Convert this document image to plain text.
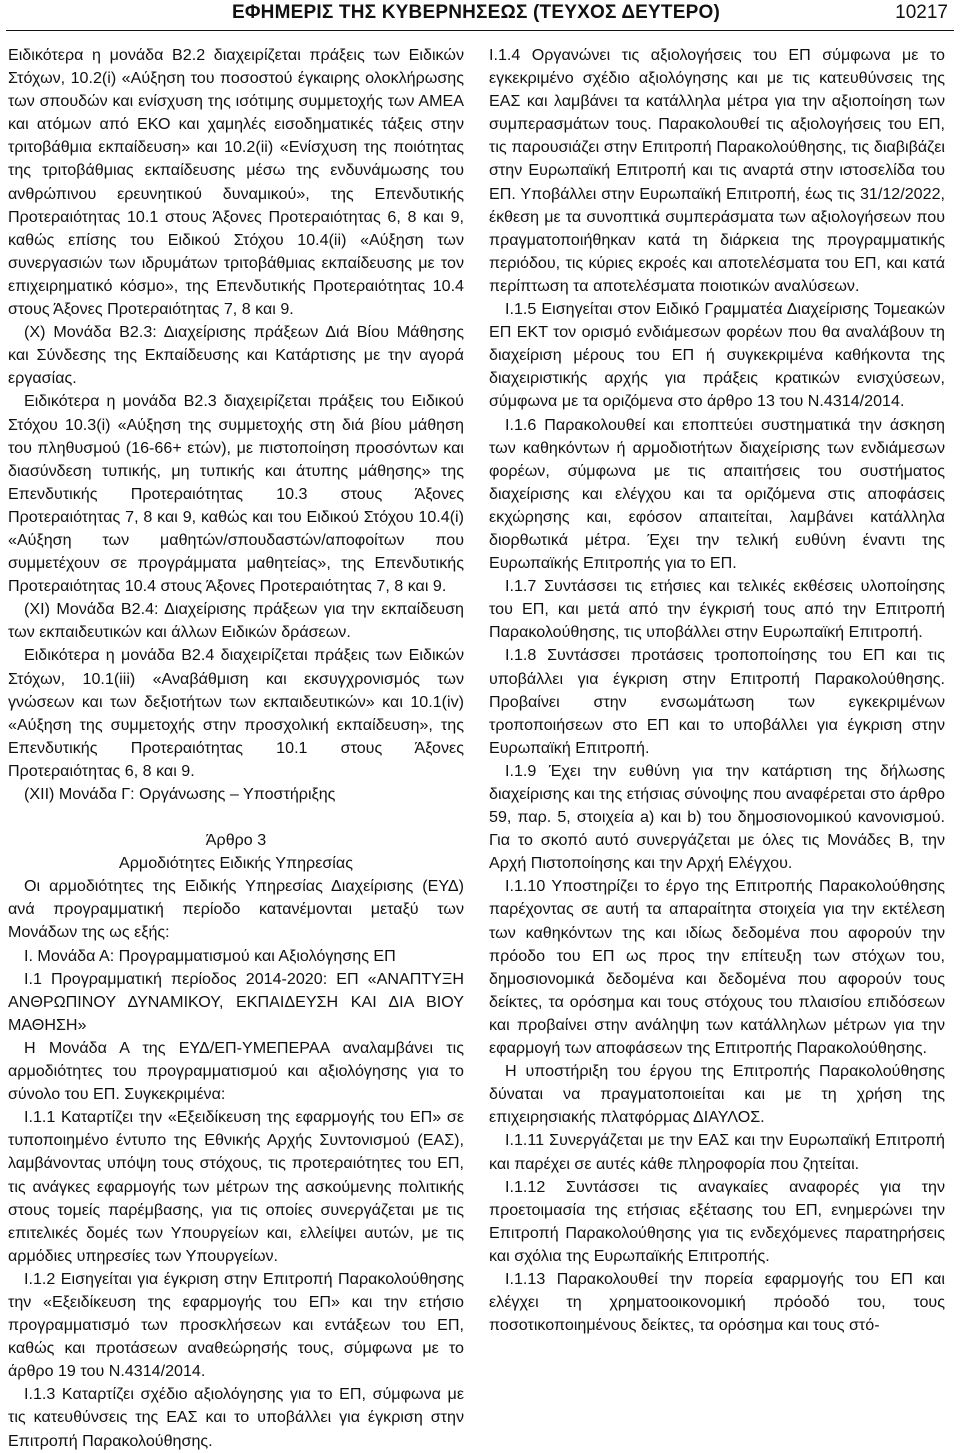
ΕΦΗΜΕΡΙΣ ΤΗΣ ΚΥΒΕΡΝΗΣΕΩΣ (ΤΕΥΧΟΣ ΔΕΥΤΕΡΟ)	10217

Ειδικότερα η μονάδα Β2.2 διαχειρίζεται πράξεις των Ειδικών Στόχων, 10.2(i) «Αύξηση του ποσοστού έγκαιρης ολοκλήρωσης των σπουδών και ενίσχυση της ισότιμης συμμετοχής των ΑΜΕΑ και ατόμων από ΕΚΟ και χαμηλές εισοδηματικές τάξεις στην τριτοβάθμια εκπαίδευση» και 10.2(ii) «Ενίσχυση της ποιότητας της τριτοβάθμιας εκπαίδευσης μέσω της ενδυνάμωσης του ανθρώπινου ερευνητικού δυναμικού», της Επενδυτικής Προτεραιότητας 10.1 στους Άξονες Προτεραιότητας 6, 8 και 9, καθώς επίσης του Ειδικού Στόχου 10.4(ii) «Αύξηση των συνεργασιών των ιδρυμάτων τριτοβάθμιας εκπαίδευσης με τον επιχειρηματικό κόσμο», της Επενδυτικής Προτεραιότητας 10.4 στους Άξονες Προτεραιότητας 7, 8 και 9.

(Χ) Μονάδα Β2.3: Διαχείρισης πράξεων Διά Βίου Μάθησης και Σύνδεσης της Εκπαίδευσης και Κατάρτισης με την αγορά εργασίας.

Ειδικότερα η μονάδα Β2.3 διαχειρίζεται πράξεις του Ειδικού Στόχου 10.3(i) «Αύξηση της συμμετοχής στη διά βίου μάθηση του πληθυσμού (16-66+ ετών), με πιστοποίηση προσόντων και διασύνδεση τυπικής, μη τυπικής και άτυπης μάθησης» της Επενδυτικής Προτεραιότητας 10.3 στους Άξονες Προτεραιότητας 7, 8 και 9, καθώς και του Ειδικού Στόχου 10.4(i) «Αύξηση των μαθητών/σπουδαστών/αποφοίτων που συμμετέχουν σε προγράμματα μαθητείας», της Επενδυτικής Προτεραιότητας 10.4 στους Άξονες Προτεραιότητας 7, 8 και 9.

(XI) Μονάδα Β2.4: Διαχείρισης πράξεων για την εκπαίδευση των εκπαιδευτικών και άλλων Ειδικών δράσεων.

Ειδικότερα η μονάδα Β2.4 διαχειρίζεται πράξεις των Ειδικών Στόχων, 10.1(iii) «Αναβάθμιση και εκσυγχρονισμός των γνώσεων και των δεξιοτήτων των εκπαιδευτικών» και 10.1(iv) «Αύξηση της συμμετοχής στην προσχολική εκπαίδευση», της Επενδυτικής Προτεραιότητας 10.1 στους Άξονες Προτεραιότητας 6, 8 και 9.

(XII) Μονάδα Γ: Οργάνωσης – Υποστήριξης

Άρθρο 3

Αρμοδιότητες Ειδικής Υπηρεσίας

Οι αρμοδιότητες της Ειδικής Υπηρεσίας Διαχείρισης (ΕΥΔ) ανά προγραμματική περίοδο κατανέμονται μεταξύ των Μονάδων της ως εξής:

Ι. Μονάδα Α: Προγραμματισμού και Αξιολόγησης ΕΠ

Ι.1 Προγραμματική περίοδος 2014-2020: ΕΠ «ΑΝΑΠΤΥΞΗ ΑΝΘΡΩΠΙΝΟΥ ΔΥΝΑΜΙΚΟΥ, ΕΚΠΑΙΔΕΥΣΗ ΚΑΙ ΔΙΑ ΒΙΟΥ ΜΑΘΗΣΗ»

Η Μονάδα Α της ΕΥΔ/ΕΠ-ΥΜΕΠΕΡΑΑ αναλαμβάνει τις αρμοδιότητες του προγραμματισμού και αξιολόγησης για το σύνολο του ΕΠ. Συγκεκριμένα:

Ι.1.1 Καταρτίζει την «Εξειδίκευση της εφαρμογής του ΕΠ» σε τυποποιημένο έντυπο της Εθνικής Αρχής Συντονισμού (ΕΑΣ), λαμβάνοντας υπόψη τους στόχους, τις προτεραιότητες του ΕΠ, τις ανάγκες εφαρμογής των μέτρων της ασκούμενης πολιτικής στους τομείς παρέμβασης, για τις οποίες συνεργάζεται με τις επιτελικές δομές των Υπουργείων και, ελλείψει αυτών, με τις αρμόδιες υπηρεσίες των Υπουργείων.

Ι.1.2 Εισηγείται για έγκριση στην Επιτροπή Παρακολούθησης την «Εξειδίκευση της εφαρμογής του ΕΠ» και την ετήσιο προγραμματισμό των προσκλήσεων και εντάξεων του ΕΠ, καθώς και προτάσεων αναθεώρησής τους, σύμφωνα με το άρθρο 19 του Ν.4314/2014.

Ι.1.3 Καταρτίζει σχέδιο αξιολόγησης για το ΕΠ, σύμφωνα με τις κατευθύνσεις της ΕΑΣ και το υποβάλλει για έγκριση στην Επιτροπή Παρακολούθησης.

Ι.1.4 Οργανώνει τις αξιολογήσεις του ΕΠ σύμφωνα με το εγκεκριμένο σχέδιο αξιολόγησης και με τις κατευθύνσεις της ΕΑΣ και λαμβάνει τα κατάλληλα μέτρα για την αξιοποίηση των συμπερασμάτων τους. Παρακολουθεί τις αξιολογήσεις του ΕΠ, τις παρουσιάζει στην Επιτροπή Παρακολούθησης, τις διαβιβάζει στην Ευρωπαϊκή Επιτροπή και τις αναρτά στην ιστοσελίδα του ΕΠ. Υποβάλλει στην Ευρωπαϊκή Επιτροπή, έως τις 31/12/2022, έκθεση με τα συνοπτικά συμπεράσματα των αξιολογήσεων που πραγματοποιήθηκαν κατά τη διάρκεια της προγραμματικής περιόδου, τις κύριες εκροές και αποτελέσματα του ΕΠ, και κατά περίπτωση τα αποτελέσματα ποιοτικών αναλύσεων.

Ι.1.5 Εισηγείται στον Ειδικό Γραμματέα Διαχείρισης Τομεακών ΕΠ ΕΚΤ τον ορισμό ενδιάμεσων φορέων που θα αναλάβουν τη διαχείριση μέρους του ΕΠ ή συγκεκριμένα καθήκοντα της διαχειριστικής αρχής για πράξεις κρατικών ενισχύσεων, σύμφωνα με τα οριζόμενα στο άρθρο 13 του Ν.4314/2014.

Ι.1.6 Παρακολουθεί και εποπτεύει συστηματικά την άσκηση των καθηκόντων ή αρμοδιοτήτων διαχείρισης των ενδιάμεσων φορέων, σύμφωνα με τις απαιτήσεις του συστήματος διαχείρισης και ελέγχου και τα οριζόμενα στις αποφάσεις εκχώρησης και, εφόσον απαιτείται, λαμβάνει κατάλληλα διορθωτικά μέτρα. Έχει την τελική ευθύνη έναντι της Ευρωπαϊκής Επιτροπής για το ΕΠ.

Ι.1.7 Συντάσσει τις ετήσιες και τελικές εκθέσεις υλοποίησης του ΕΠ, και μετά από την έγκρισή τους από την Επιτροπή Παρακολούθησης, τις υποβάλλει στην Ευρωπαϊκή Επιτροπή.

Ι.1.8 Συντάσσει προτάσεις τροποποίησης του ΕΠ και τις υποβάλλει για έγκριση στην Επιτροπή Παρακολούθησης. Προβαίνει στην ενσωμάτωση των εγκεκριμένων τροποποιήσεων στο ΕΠ και το υποβάλλει για έγκριση στην Ευρωπαϊκή Επιτροπή.

Ι.1.9 Έχει την ευθύνη για την κατάρτιση της δήλωσης διαχείρισης και της ετήσιας σύνοψης που αναφέρεται στο άρθρο 59, παρ. 5, στοιχεία a) και b) του δημοσιονομικού κανονισμού. Για το σκοπό αυτό συνεργάζεται με όλες τις Μονάδες Β, την Αρχή Πιστοποίησης και την Αρχή Ελέγχου.

Ι.1.10 Υποστηρίζει το έργο της Επιτροπής Παρακολούθησης παρέχοντας σε αυτή τα απαραίτητα στοιχεία για την εκτέλεση των καθηκόντων της και ιδίως δεδομένα που αφορούν την πρόοδο του ΕΠ ως προς την επίτευξη των στόχων του, δημοσιονομικά δεδομένα και δεδομένα που αφορούν τους δείκτες, τα ορόσημα και τους στόχους του πλαισίου επιδόσεων και προβαίνει στην ανάληψη των κατάλληλων μέτρων για την εφαρμογή των αποφάσεων της Επιτροπής Παρακολούθησης.

Η υποστήριξη του έργου της Επιτροπής Παρακολούθησης δύναται να πραγματοποιείται και με τη χρήση της επιχειρησιακής πλατφόρμας ΔΙΑΥΛΟΣ.

Ι.1.11 Συνεργάζεται με την ΕΑΣ και την Ευρωπαϊκή Επιτροπή και παρέχει σε αυτές κάθε πληροφορία που ζητείται.

Ι.1.12 Συντάσσει τις αναγκαίες αναφορές για την προετοιμασία της ετήσιας εξέτασης του ΕΠ, ενημερώνει την Επιτροπή Παρακολούθησης για τις ενδεχόμενες παρατηρήσεις και σχόλια της Ευρωπαϊκής Επιτροπής.

Ι.1.13 Παρακολουθεί την πορεία εφαρμογής του ΕΠ και ελέγχει τη χρηματοοικονομική πρόοδό του, τους ποσοτικοποιημένους δείκτες, τα ορόσημα και τους στό-
